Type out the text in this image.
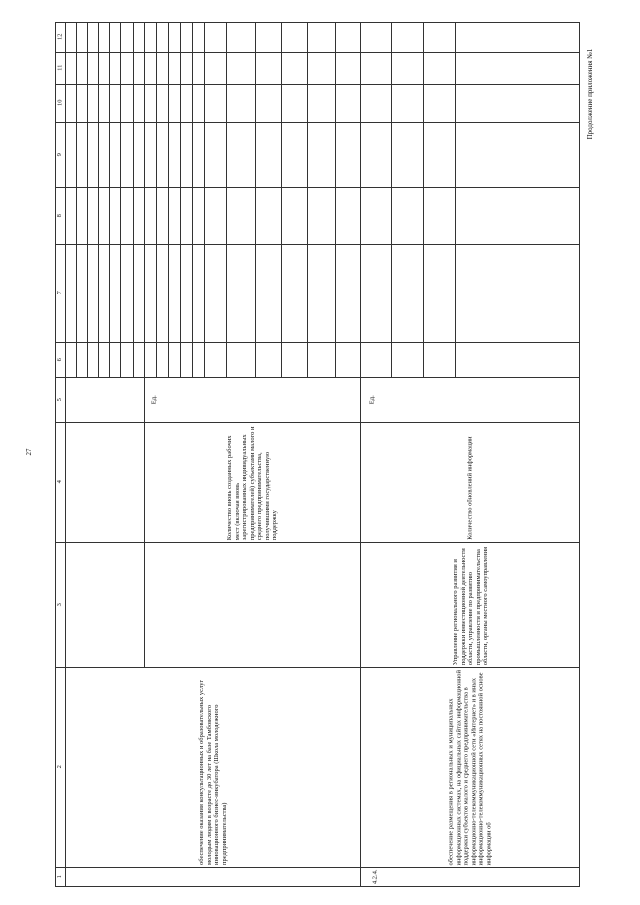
27
Продолжение приложения №1
1
2
3
4
5
6
7
8
9
10
11
12
Количество вновь созданных рабочих мест (включая вновь зарегистрированных индивидуальных предпринимателей) субъектами малого и среднего предпринимательства, получившими государственную поддержку
Ед.
обеспечение оказания консультационных и образовательных услуг молодым людям в возрасте до 30 лет на базе Тамбовского инновационного бизнес-инкубатора (Школа молодежного предпринимательства)
4.2.4.
обеспечение размещения в региональных и муниципальных информационных системах, на официальных сайтах информационной поддержки субъектов малого и среднего предпринимательства в информационно-телекоммуникационной сети «Интернет» и в иных информационно-телекоммуникационных сетях на постоянной основе информации об
Управление регионального развития и поддержки инвестиционной деятельности области, управление по развитию промышленности и предпринимательства области, органы местного самоуправления
Количество обновлений информации
Ед.
